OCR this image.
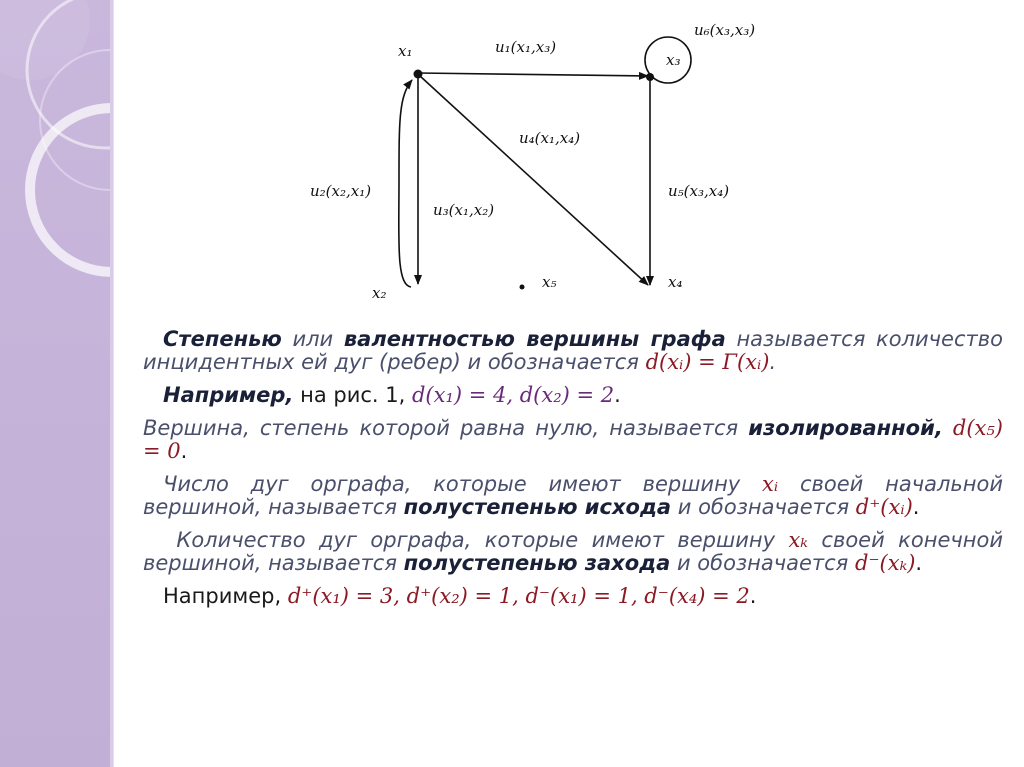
x₁
x₂
x₃
x₄
x₅
u₁(x₁,x₃)
u₂(x₂,x₁)
u₃(x₁,x₂)
u₄(x₁,x₄)
u₅(x₃,x₄)
u₆(x₃,x₃)

Степенью или валентностью вершины графа называется количество инцидентных ей дуг (ребер) и обозначается d(xᵢ) = Γ(xᵢ).

Например, на рис. 1, d(x₁) = 4, d(x₂) = 2.

Вершина, степень которой равна нулю, называется изолированной, d(x₅) = 0.

Число дуг орграфа, которые имеют вершину xᵢ своей начальной вершиной, называется полустепенью исхода и обозначается d⁺(xᵢ).

Количество дуг орграфа, которые имеют вершину xₖ своей конечной вершиной, называется полустепенью захода и обозначается d⁻(xₖ).

Например, d⁺(x₁) = 3, d⁺(x₂) = 1, d⁻(x₁) = 1, d⁻(x₄) = 2.
